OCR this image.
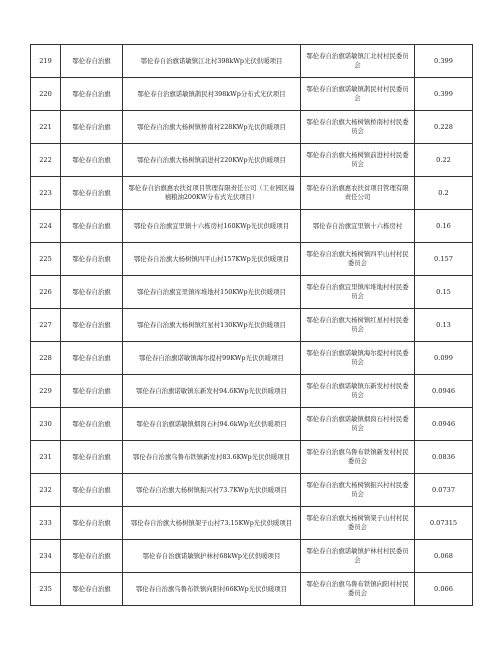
219	鄂伦春自治旗	鄂伦春自治旗诺敏镇江北村398kWp光伏供暖项目	鄂伦春自治旗诺敏镇江北村村民委员会	0.399
220	鄂伦春自治旗	鄂伦春自治旗诺敏镇鹊民村398kWp分布式光伏项目	鄂伦春自治旗诺敏镇鹊民村村民委员会	0.399
221	鄂伦春自治旗	鄂伦春自治旗大杨树镇桥南村228KWp光伏供暖项目	鄂伦春自治旗大杨树镇桥南村村民委员会	0.228
222	鄂伦春自治旗	鄂伦春自治旗大杨树镇前进村220KWp光伏供暖项目	鄂伦春自治旗大杨树镇前进村村民委员会	0.22
223	鄂伦春自治旗	鄂伦春自治旗惠农扶贫项目管理有限责任公司（工业园区福禧粮油200KW分布式光伏项目）	鄂伦春自治旗惠农扶贫项目管理有限责任公司	0.2
224	鄂伦春自治旗	鄂伦春自治旗宜里镇十六栋房村160KWp光伏供暖项目	鄂伦春自治旗宜里镇十六栋房村	0.16
225	鄂伦春自治旗	鄂伦春自治旗大杨树镇四平山村157KWp光伏供暖项目	鄂伦春自治旗大杨树镇四平山村村民委员会	0.157
226	鄂伦春自治旗	鄂伦春自治旗宜里镇库堆地村150KWp光伏供暖项目	鄂伦春自治旗宜里镇库堆地村村民委员会	0.15
227	鄂伦春自治旗	鄂伦春自治旗大杨树镇红星村130KWp光伏供暖项目	鄂伦春自治旗大杨树镇红星村村民委员会	0.13
228	鄂伦春自治旗	鄂伦春自治旗诺敏镇海尔提村99KWp光伏供暖项目	鄂伦春自治旗诺敏镇海尔提村村民委员会	0.099
229	鄂伦春自治旗	鄂伦春自治旗诺敏镇东新发村94.6KWp光伏供暖项目	鄂伦春自治旗诺敏镇东新发村村民委员会	0.0946
230	鄂伦春自治旗	鄂伦春自治旗诺敏镇烟囱石村94.6kWp光伏供暖项目	鄂伦春自治旗诺敏镇烟囱石村村民委员会	0.0946
231	鄂伦春自治旗	鄂伦春自治旗乌鲁布铁镇新发村83.6KWp光伏供暖项目	鄂伦春自治旗乌鲁布铁镇新发村村民委员会	0.0836
232	鄂伦春自治旗	鄂伦春自治旗大杨树镇振兴村73.7KWp光伏供暖项目	鄂伦春自治旗大杨树镇振兴村村民委员会	0.0737
233	鄂伦春自治旗	鄂伦春自治旗大杨树镇架子山村73.15KWp光伏供暖项目	鄂伦春自治旗大杨树镇架子山村村民委员会	0.07315
234	鄂伦春自治旗	鄂伦春自治旗诺敏镇护林村68kWp光伏供暖项目	鄂伦春自治旗诺敏镇护林村村民委员会	0.068
235	鄂伦春自治旗	鄂伦春自治旗乌鲁布铁镇向阳村66KWp光伏供暖项目	鄂伦春自治旗乌鲁布铁镇向阳村村民委员会	0.066
